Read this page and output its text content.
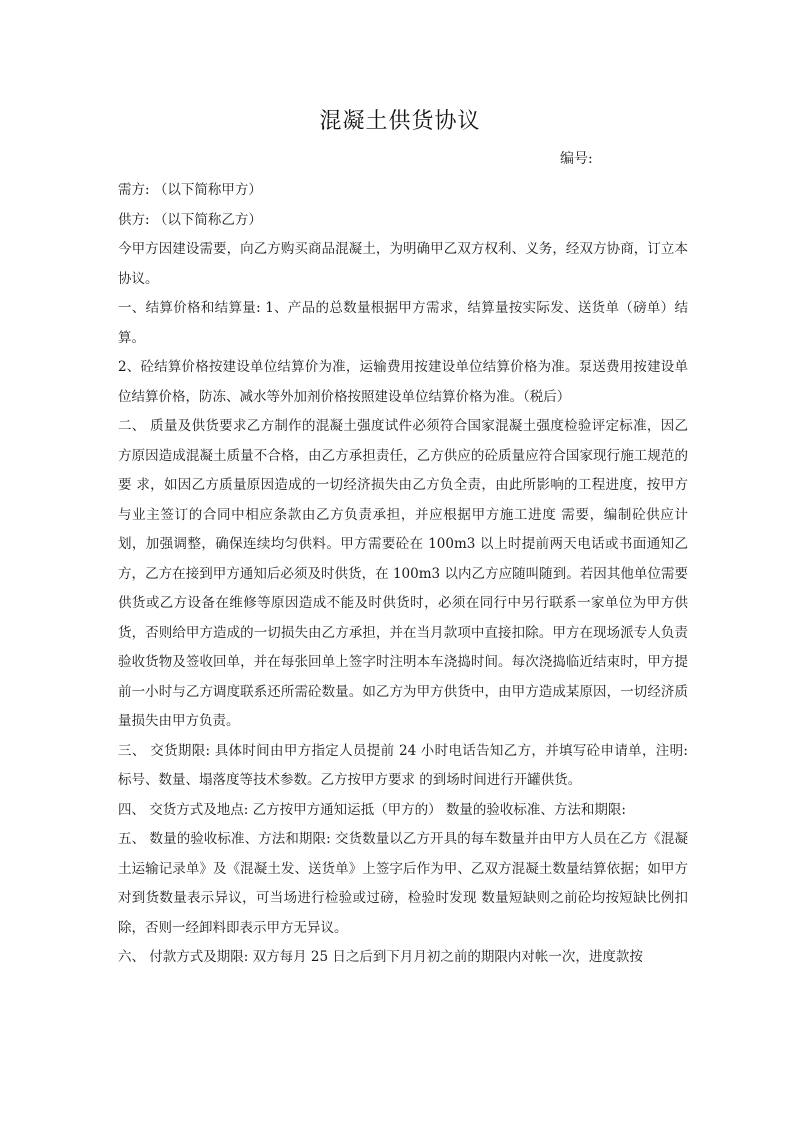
混凝土供货协议
编号:

需方: （以下简称甲方）

供方: （以下简称乙方）

今甲方因建设需要，向乙方购买商品混凝土，为明确甲乙双方权利、义务，经双方协商，订立本协议。

一、结算价格和结算量: 1、产品的总数量根据甲方需求，结算量按实际发、送货单（磅单）结算。

2、砼结算价格按建设单位结算价为准，运输费用按建设单位结算价格为准。泵送费用按建设单位结算价格，防冻、减水等外加剂价格按照建设单位结算价格为准。（税后）

二、 质量及供货要求乙方制作的混凝土强度试件必须符合国家混凝土强度检验评定标准，因乙方原因造成混凝土质量不合格，由乙方承担责任，乙方供应的砼质量应符合国家现行施工规范的要 求，如因乙方质量原因造成的一切经济损失由乙方负全责，由此所影响的工程进度，按甲方与业主签订的合同中相应条款由乙方负责承担，并应根据甲方施工进度 需要，编制砼供应计划，加强调整，确保连续均匀供料。甲方需要砼在 100m3 以上时提前两天电话或书面通知乙方，乙方在接到甲方通知后必须及时供货，在 100m3 以内乙方应随叫随到。若因其他单位需要供货或乙方设备在维修等原因造成不能及时供货时，必须在同行中另行联系一家单位为甲方供货，否则给甲方造成的一切损失由乙方承担，并在当月款项中直接扣除。甲方在现场派专人负责验收货物及签收回单，并在每张回单上签字时注明本车浇捣时间。每次浇捣临近结束时，甲方提 前一小时与乙方调度联系还所需砼数量。如乙方为甲方供货中，由甲方造成某原因，一切经济质量损失由甲方负责。

三、 交货期限: 具体时间由甲方指定人员提前 24 小时电话告知乙方，并填写砼申请单，注明: 标号、数量、塌落度等技术参数。乙方按甲方要求 的到场时间进行开罐供货。

四、 交货方式及地点: 乙方按甲方通知运抵（甲方的） 数量的验收标准、方法和期限:

五、 数量的验收标准、方法和期限: 交货数量以乙方开具的每车数量并由甲方人员在乙方《混凝土运输记录单》及《混凝土发、送货单》上签字后作为甲、乙双方混凝土数量结算依据；如甲方对到货数量表示异议，可当场进行检验或过磅，检验时发现 数量短缺则之前砼均按短缺比例扣除，否则一经卸料即表示甲方无异议。

六、 付款方式及期限: 双方每月 25 日之后到下月月初之前的期限内对帐一次，进度款按
